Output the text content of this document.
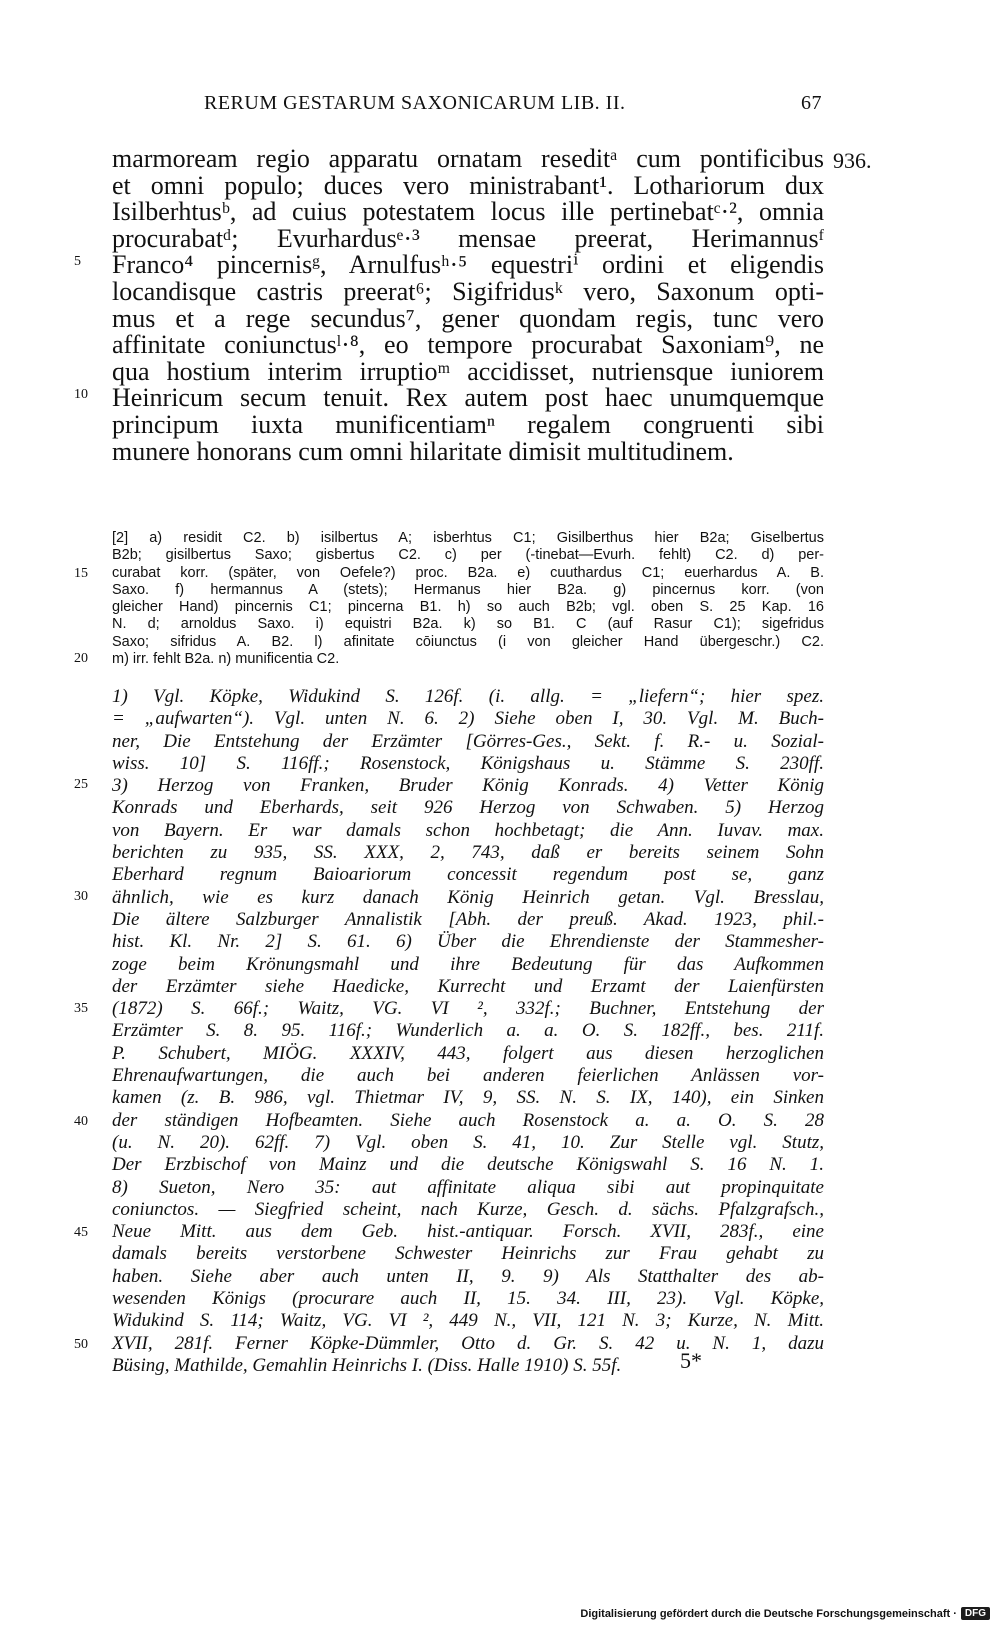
RERUM GESTARUM SAXONICARUM LIB. II.	67
936.
marmoream regio apparatu ornatam reseditᵃ cum pontificibus
et omni populo; duces vero ministrabant¹. Lothariorum dux
Isilberhtusᵇ, ad cuius potestatem locus ille pertinebatᶜ·², omnia
procurabatᵈ; Evurhardusᵉ·³ mensae preerat, Herimannusᶠ
Franco⁴ pincernisᵍ, Arnulfusʰ·⁵ equestriⁱ ordini et eligendis
locandisque castris preerat⁶; Sigifridusᵏ vero, Saxonum opti-
mus et a rege secundus⁷, gener quondam regis, tunc vero
affinitate coniunctusˡ·⁸, eo tempore procurabat Saxoniam⁹, ne
qua hostium interim irruptioᵐ accidisset, nutriensque iuniorem
Heinricum secum tenuit. Rex autem post haec unumquemque
principum iuxta munificentiamⁿ regalem congruenti sibi
munere honorans cum omni hilaritate dimisit multitudinem.
5
10
15
20
25
30
35
40
45
50
[2] a) residit C2. b) isilbertus A; isberhtus C1; Gisilberthus hier B2a; Giselbertus
B2b; gisilbertus Saxo; gisbertus C2. c) per (-tinebat—Evurh. fehlt) C2. d) per-
curabat korr. (später, von Oefele?) proc. B2a. e) cuuthardus C1; euerhardus A. B.
Saxo. f) hermannus A (stets); Hermanus hier B2a. g) pincernus korr. (von
gleicher Hand) pincernis C1; pincerna B1. h) so auch B2b; vgl. oben S. 25 Kap. 16
N. d; arnoldus Saxo. i) equistri B2a. k) so B1. C (auf Rasur C1); sigefridus
Saxo; sifridus A. B2. l) afinitate cōiunctus (i von gleicher Hand übergeschr.) C2.
m) irr. fehlt B2a. n) munificentia C2.
1) Vgl. Köpke, Widukind S. 126f. (i. allg. = „liefern“; hier spez.
= „aufwarten“). Vgl. unten N. 6. 2) Siehe oben I, 30. Vgl. M. Buch-
ner, Die Entstehung der Erzämter [Görres-Ges., Sekt. f. R.- u. Sozial-
wiss. 10] S. 116ff.; Rosenstock, Königshaus u. Stämme S. 230ff.
3) Herzog von Franken, Bruder König Konrads. 4) Vetter König
Konrads und Eberhards, seit 926 Herzog von Schwaben. 5) Herzog
von Bayern. Er war damals schon hochbetagt; die Ann. Iuvav. max.
berichten zu 935, SS. XXX, 2, 743, daß er bereits seinem Sohn
Eberhard regnum Baioariorum concessit regendum post se, ganz
ähnlich, wie es kurz danach König Heinrich getan. Vgl. Bresslau,
Die ältere Salzburger Annalistik [Abh. der preuß. Akad. 1923, phil.-
hist. Kl. Nr. 2] S. 61. 6) Über die Ehrendienste der Stammesher-
zoge beim Krönungsmahl und ihre Bedeutung für das Aufkommen
der Erzämter siehe Haedicke, Kurrecht und Erzamt der Laienfürsten
(1872) S. 66f.; Waitz, VG. VI ², 332f.; Buchner, Entstehung der
Erzämter S. 8. 95. 116f.; Wunderlich a. a. O. S. 182ff., bes. 211f.
P. Schubert, MIÖG. XXXIV, 443, folgert aus diesen herzoglichen
Ehrenaufwartungen, die auch bei anderen feierlichen Anlässen vor-
kamen (z. B. 986, vgl. Thietmar IV, 9, SS. N. S. IX, 140), ein Sinken
der ständigen Hofbeamten. Siehe auch Rosenstock a. a. O. S. 28
(u. N. 20). 62ff. 7) Vgl. oben S. 41, 10. Zur Stelle vgl. Stutz,
Der Erzbischof von Mainz und die deutsche Königswahl S. 16 N. 1.
8) Sueton, Nero 35: aut affinitate aliqua sibi aut propinquitate
coniunctos. — Siegfried scheint, nach Kurze, Gesch. d. sächs. Pfalzgrafsch.,
Neue Mitt. aus dem Geb. hist.-antiquar. Forsch. XVII, 283f., eine
damals bereits verstorbene Schwester Heinrichs zur Frau gehabt zu
haben. Siehe aber auch unten II, 9. 9) Als Statthalter des ab-
wesenden Königs (procurare auch II, 15. 34. III, 23). Vgl. Köpke,
Widukind S. 114; Waitz, VG. VI ², 449 N., VII, 121 N. 3; Kurze, N. Mitt.
XVII, 281f. Ferner Köpke-Dümmler, Otto d. Gr. S. 42 u. N. 1, dazu
Büsing, Mathilde, Gemahlin Heinrichs I. (Diss. Halle 1910) S. 55f.	5*
Digitalisierung gefördert durch die Deutsche Forschungsgemeinschaft · DFG
